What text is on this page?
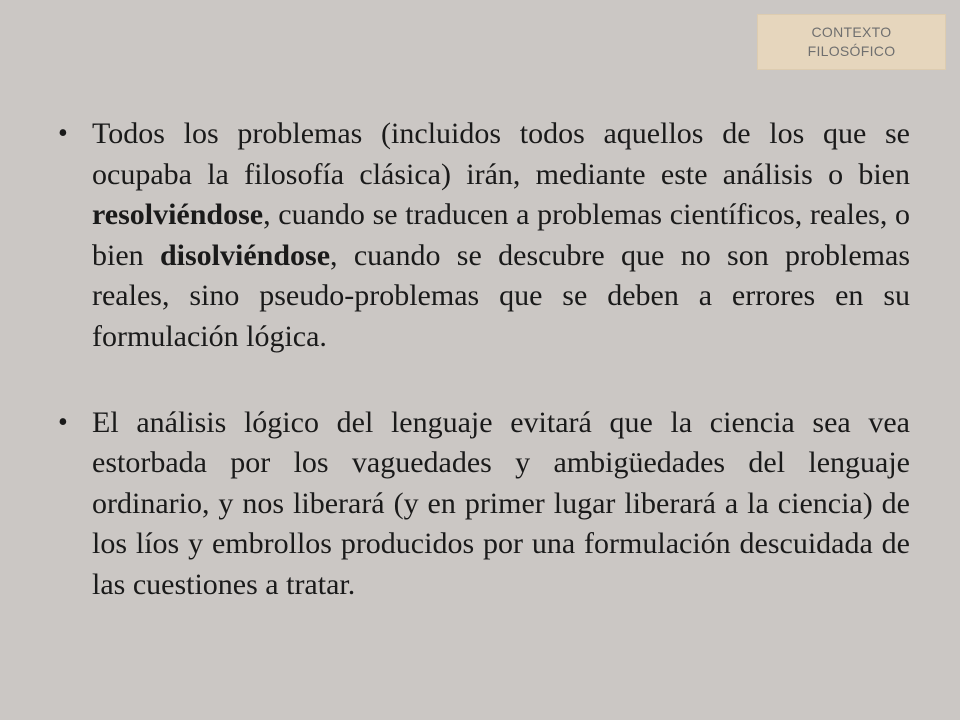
CONTEXTO
FILOSÓFICO
• Todos los problemas (incluidos todos aquellos de los que se ocupaba la filosofía clásica) irán, mediante este análisis o bien resolviéndose, cuando se traducen a problemas científicos, reales, o bien disolviéndose, cuando se descubre que no son problemas reales, sino pseudo-problemas que se deben a errores en su formulación lógica.
• El análisis lógico del lenguaje evitará que la ciencia sea vea estorbada por los vaguedades y ambigüedades del lenguaje ordinario, y nos liberará (y en primer lugar liberará a la ciencia) de los líos y embrollos producidos por una formulación descuidada de las cuestiones a tratar.
